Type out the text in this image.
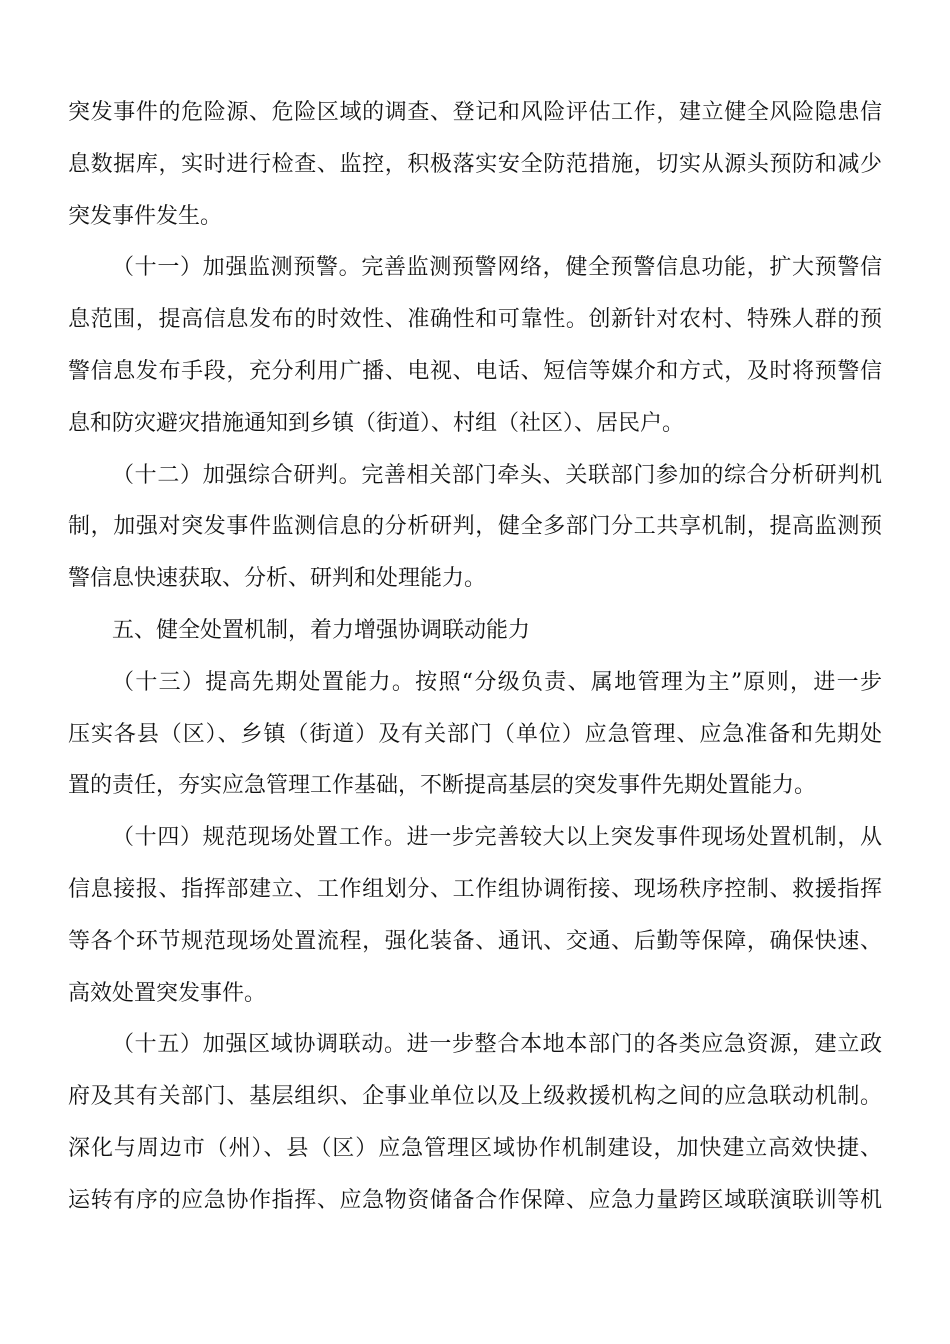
突发事件的危险源、危险区域的调查、登记和风险评估工作，建立健全风险隐患信
息数据库，实时进行检查、监控，积极落实安全防范措施，切实从源头预防和减少
突发事件发生。
（十一）加强监测预警。完善监测预警网络，健全预警信息功能，扩大预警信
息范围，提高信息发布的时效性、准确性和可靠性。创新针对农村、特殊人群的预
警信息发布手段，充分利用广播、电视、电话、短信等媒介和方式，及时将预警信
息和防灾避灾措施通知到乡镇（街道）、村组（社区）、居民户。
（十二）加强综合研判。完善相关部门牵头、关联部门参加的综合分析研判机
制，加强对突发事件监测信息的分析研判，健全多部门分工共享机制，提高监测预
警信息快速获取、分析、研判和处理能力。
五、健全处置机制，着力增强协调联动能力
（十三）提高先期处置能力。按照“分级负责、属地管理为主”原则，进一步
压实各县（区）、乡镇（街道）及有关部门（单位）应急管理、应急准备和先期处
置的责任，夯实应急管理工作基础，不断提高基层的突发事件先期处置能力。
（十四）规范现场处置工作。进一步完善较大以上突发事件现场处置机制，从
信息接报、指挥部建立、工作组划分、工作组协调衔接、现场秩序控制、救援指挥
等各个环节规范现场处置流程，强化装备、通讯、交通、后勤等保障，确保快速、
高效处置突发事件。
（十五）加强区域协调联动。进一步整合本地本部门的各类应急资源，建立政
府及其有关部门、基层组织、企事业单位以及上级救援机构之间的应急联动机制。
深化与周边市（州）、县（区）应急管理区域协作机制建设，加快建立高效快捷、
运转有序的应急协作指挥、应急物资储备合作保障、应急力量跨区域联演联训等机
